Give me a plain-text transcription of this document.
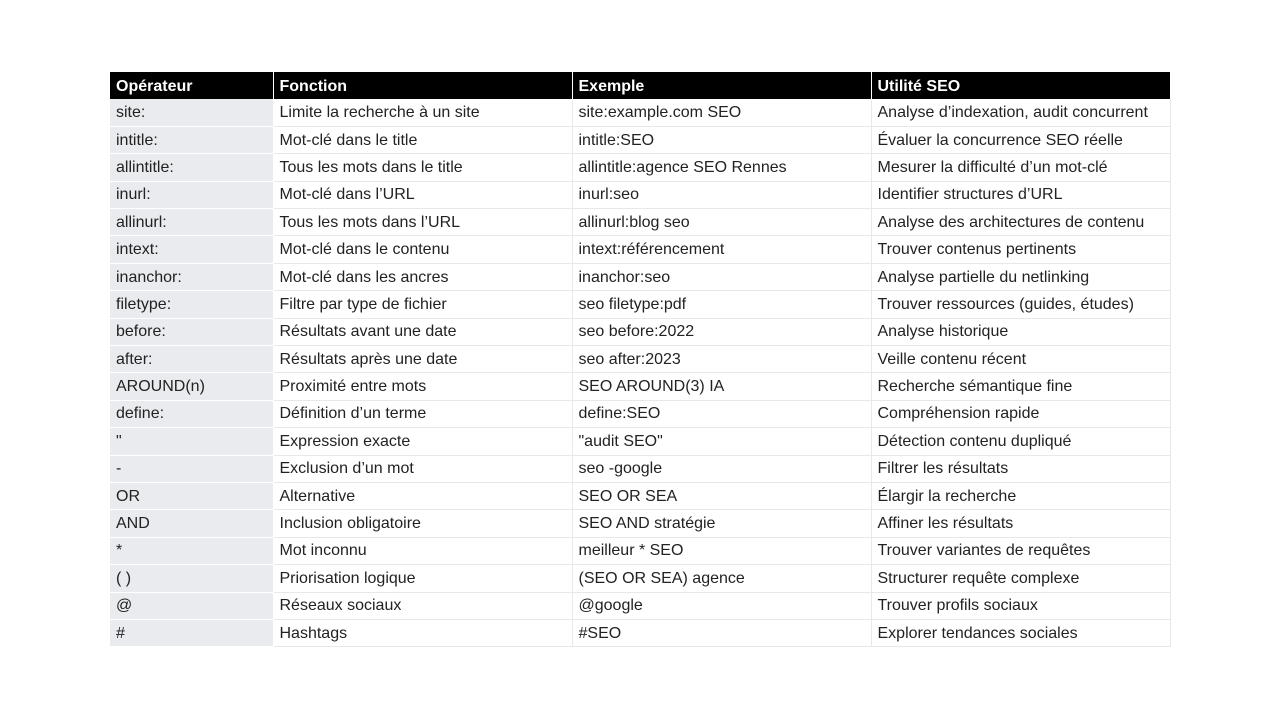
Opérateur	Fonction	Exemple	Utilité SEO
site:	Limite la recherche à un site	site:example.com SEO	Analyse d’indexation, audit concurrent
intitle:	Mot-clé dans le title	intitle:SEO	Évaluer la concurrence SEO réelle
allintitle:	Tous les mots dans le title	allintitle:agence SEO Rennes	Mesurer la difficulté d’un mot-clé
inurl:	Mot-clé dans l’URL	inurl:seo	Identifier structures d’URL
allinurl:	Tous les mots dans l’URL	allinurl:blog seo	Analyse des architectures de contenu
intext:	Mot-clé dans le contenu	intext:référencement	Trouver contenus pertinents
inanchor:	Mot-clé dans les ancres	inanchor:seo	Analyse partielle du netlinking
filetype:	Filtre par type de fichier	seo filetype:pdf	Trouver ressources (guides, études)
before:	Résultats avant une date	seo before:2022	Analyse historique
after:	Résultats après une date	seo after:2023	Veille contenu récent
AROUND(n)	Proximité entre mots	SEO AROUND(3) IA	Recherche sémantique fine
define:	Définition d’un terme	define:SEO	Compréhension rapide
"	Expression exacte	"audit SEO"	Détection contenu dupliqué
-	Exclusion d’un mot	seo -google	Filtrer les résultats
OR	Alternative	SEO OR SEA	Élargir la recherche
AND	Inclusion obligatoire	SEO AND stratégie	Affiner les résultats
*	Mot inconnu	meilleur * SEO	Trouver variantes de requêtes
( )	Priorisation logique	(SEO OR SEA) agence	Structurer requête complexe
@	Réseaux sociaux	@google	Trouver profils sociaux
#	Hashtags	#SEO	Explorer tendances sociales
